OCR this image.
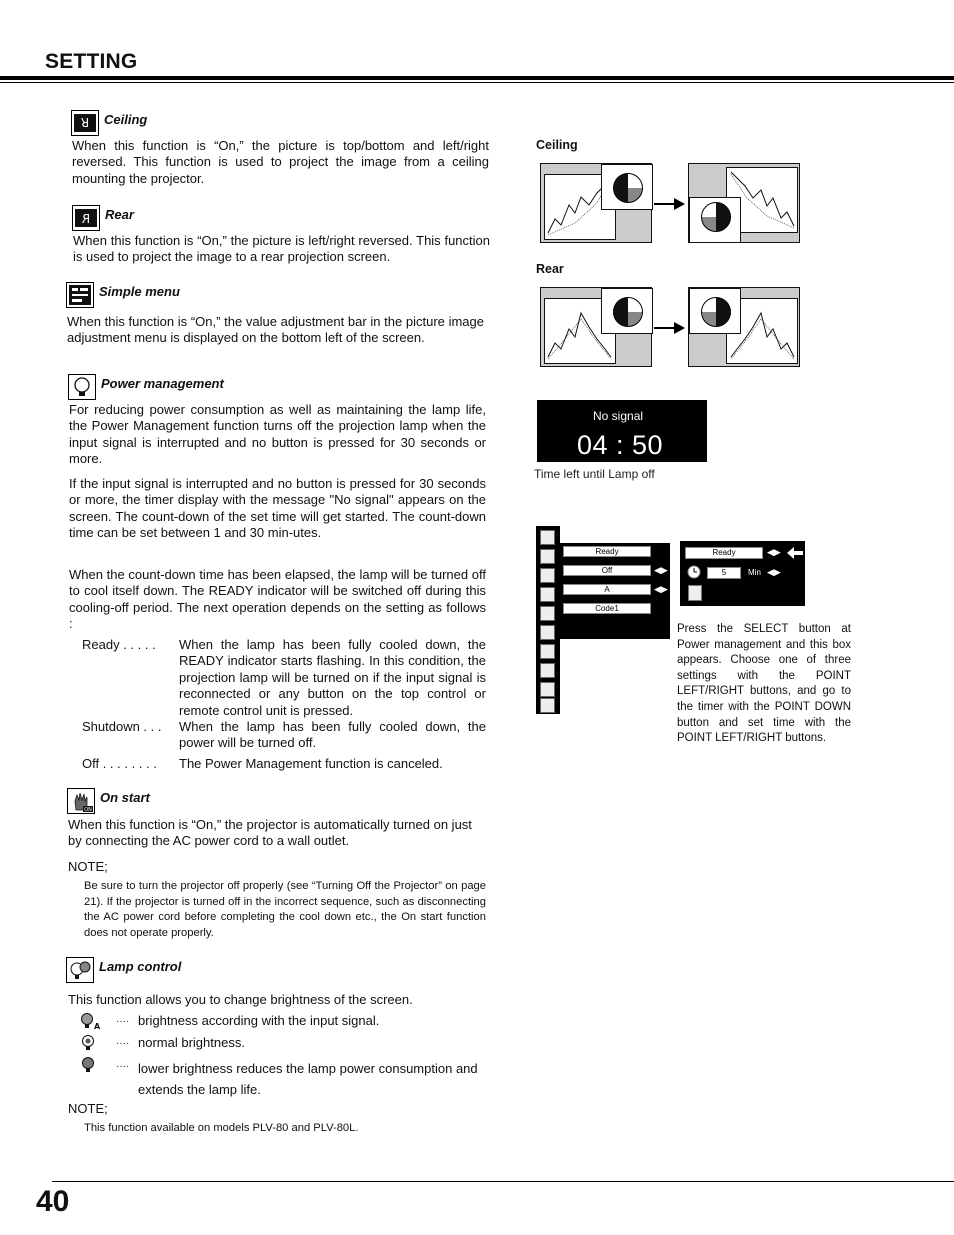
SETTING
R Ceiling
When this function is “On,” the picture is top/bottom and left/right reversed. This function is used to project the image from a ceiling mounting the projector.
R Rear
When this function is “On,” the picture is left/right reversed. This function is used to project the image to a rear projection screen.
Simple menu
When this function is “On,” the value adjustment bar in the picture image adjustment menu is displayed on the bottom left of the screen.
Power management
For reducing power consumption as well as maintaining the lamp life, the Power Management function turns off the projection lamp when the input signal is interrupted and no button is pressed for 30 seconds or more.
If the input signal is interrupted and no button is pressed for 30 seconds or more, the timer display with the message "No signal" appears on the screen. The count-down of the set time will get started. The count-down time can be set between 1 and 30 min-utes.
When the count-down time has been elapsed, the lamp will be turned off to cool itself down. The READY indicator will be switched off during this cooling-off period. The next operation depends on the setting as follows :
Ready . . . . . When the lamp has been fully cooled down, the READY indicator starts flashing. In this condition, the projection lamp will be turned on if the input signal is reconnected or any button on the top control or remote control unit is pressed.
Shutdown . . . When the lamp has been fully cooled down, the power will be turned off.
Off . . . . . . . . The Power Management function is canceled.
ON
On start
When this function is “On,” the projector is automatically turned on just by connecting the AC power cord to a wall outlet.
NOTE;
Be sure to turn the projector off properly (see “Turning Off the Projector” on page 21). If the projector is turned off in the incorrect sequence, such as disconnecting the AC power cord before completing the cool down etc., the On start function does not operate properly.
Lamp control
This function allows you to change brightness of the screen.
A ···· brightness according with the input signal.
···· normal brightness.
···· lower brightness reduces the lamp power consumption and extends the lamp life.
NOTE;
This function available on models PLV-80 and PLV-80L.
Ceiling
Rear
No signal
04 : 50
Time left until Lamp off
Ready
Off	◀▶
A	◀▶
Code1
Ready	◀▶
5	Min ◀▶
Press the SELECT button at Power management and this box appears. Choose one of three settings with the POINT LEFT/RIGHT buttons, and go to the timer with the POINT DOWN button and set time with the POINT LEFT/RIGHT buttons.
40
